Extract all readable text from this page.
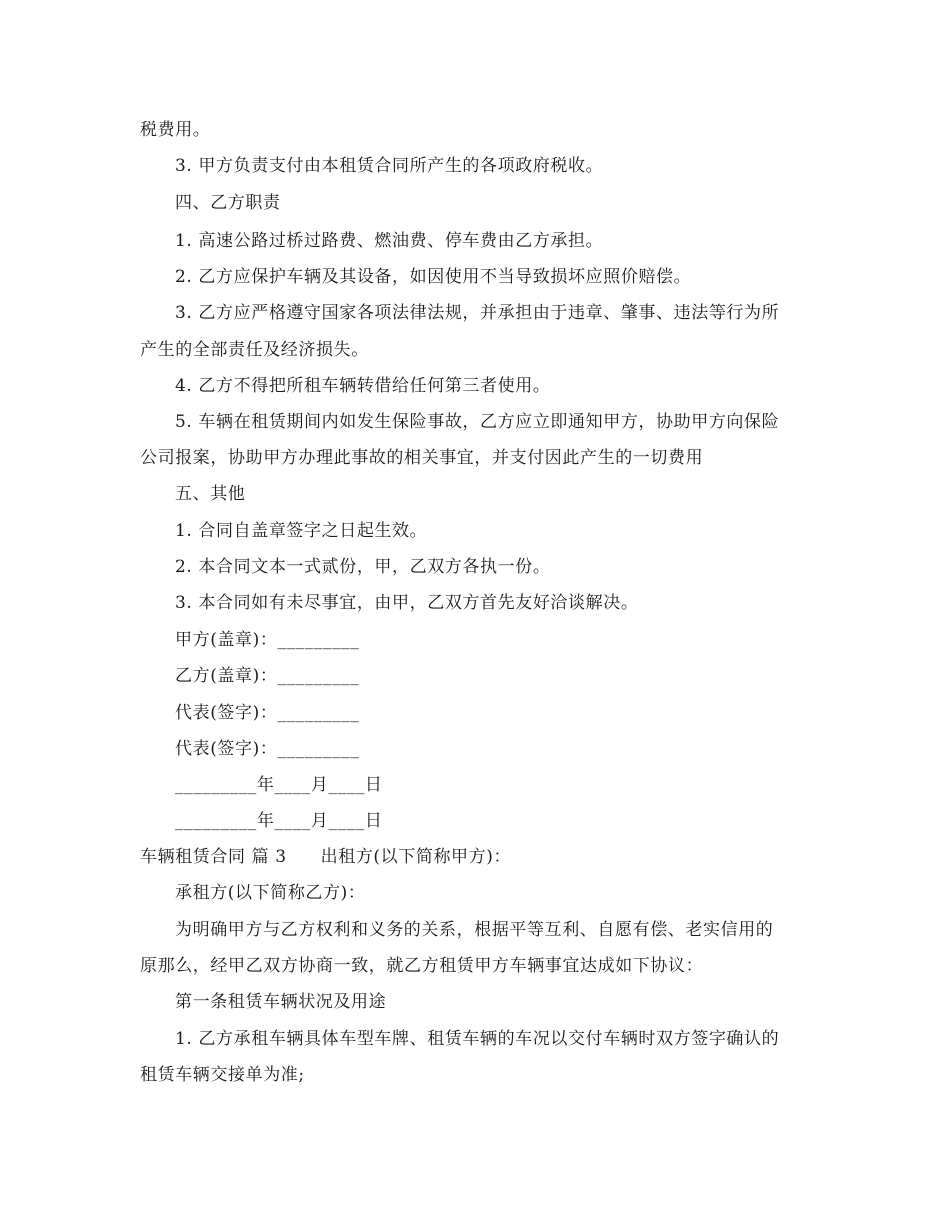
税费用。
3. 甲方负责支付由本租赁合同所产生的各项政府税收。
四、乙方职责
1. 高速公路过桥过路费、燃油费、停车费由乙方承担。
2. 乙方应保护车辆及其设备，如因使用不当导致损坏应照价赔偿。
3. 乙方应严格遵守国家各项法律法规，并承担由于违章、肇事、违法等行为所
产生的全部责任及经济损失。
4. 乙方不得把所租车辆转借给任何第三者使用。
5. 车辆在租赁期间内如发生保险事故，乙方应立即通知甲方，协助甲方向保险
公司报案，协助甲方办理此事故的相关事宜，并支付因此产生的一切费用
五、其他
1. 合同自盖章签字之日起生效。
2. 本合同文本一式贰份，甲，乙双方各执一份。
3. 本合同如有未尽事宜，由甲，乙双方首先友好洽谈解决。
甲方(盖章)：_________
乙方(盖章)：_________
代表(签字)：_________
代表(签字)：_________
_________年____月____日
_________年____月____日
车辆租赁合同 篇 3 出租方(以下简称甲方)：
承租方(以下简称乙方)：
为明确甲方与乙方权利和义务的关系，根据平等互利、自愿有偿、老实信用的
原那么，经甲乙双方协商一致，就乙方租赁甲方车辆事宜达成如下协议：
第一条租赁车辆状况及用途
1. 乙方承租车辆具体车型车牌、租赁车辆的车况以交付车辆时双方签字确认的
租赁车辆交接单为准;
